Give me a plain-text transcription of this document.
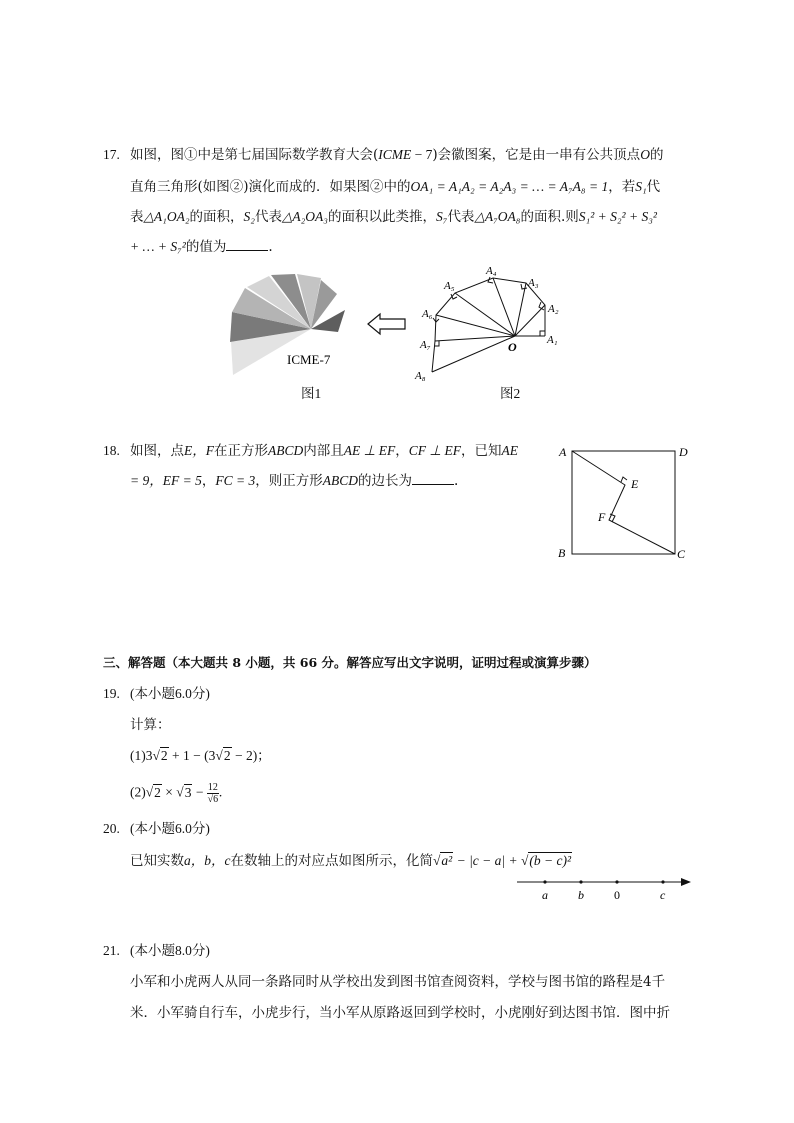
17. 如图，图①中是第七届国际数学教育大会(ICME − 7)会徽图案，它是由一串有公共顶点O的
直角三角形(如图②)演化而成的．如果图②中的OA₁ = A₁A₂ = A₂A₃ = … = A₇A₈ = 1，若S₁代
表△A₁OA₂的面积，S₂代表△A₂OA₃的面积以此类推，S₇代表△A₇OA₈的面积.则S₁² + S₂² + S₃²
+ … + S₇²的值为	.
ICME-7
图1
A₁
A₂
A₃
A₄
A₅
A₆
A₇
A₈
O
图2
18. 如图，点E，F在正方形ABCD内部且AE ⊥ EF，CF ⊥ EF，已知AE
= 9，EF = 5，FC = 3，则正方形ABCD的边长为	.
A	D
B	C
E
F
三、解答题（本大题共 8 小题，共 66 分。解答应写出文字说明，证明过程或演算步骤）
19. (本小题6.0分)
计算：
(1)3√2 + 1 − (3√2 − 2)；
$(2)√2 \times √3 - \frac{12}{√6}$ .
20. (本小题6.0分)
已知实数a，b，c在数轴上的对应点如图所示，化简√a² − |c − a| + √(b − c)²
a	b	0	c
21. (本小题8.0分)
小军和小虎两人从同一条路同时从学校出发到图书馆查阅资料，学校与图书馆的路程是4千
米．小军骑自行车，小虎步行，当小军从原路返回到学校时，小虎刚好到达图书馆．图中折
